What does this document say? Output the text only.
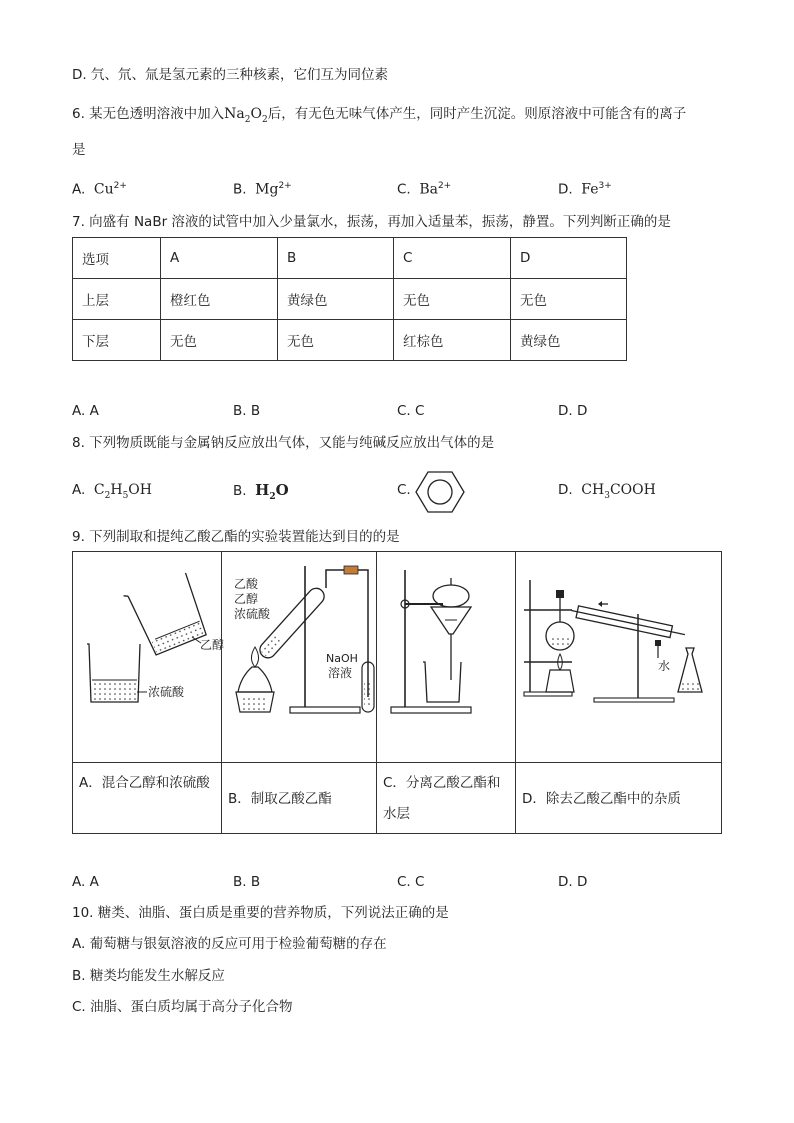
D. 氕、氘、氚是氢元素的三种核素，它们互为同位素
6. 某无色透明溶液中加入$Na_2O_2$后，有无色无味气体产生，同时产生沉淀。则原溶液中可能含有的离子
是
A. $Cu^{2+}$	B. $Mg^{2+}$	C. $Ba^{2+}$	D. $Fe^{3+}$
7. 向盛有 NaBr 溶液的试管中加入少量氯水，振荡，再加入适量苯，振荡，静置。下列判断正确的是
选项	A	B	C	D
上层	橙红色	黄绿色	无色	无色
下层	无色	无色	红棕色	黄绿色
A. A	B. B	C. C	D. D
8. 下列物质既能与金属钠反应放出气体，又能与纯碱反应放出气体的是
A. $C_2H_5OH$	B. $H_2O$	C.	D. $CH_3COOH$
9. 下列制取和提纯乙酸乙酯的实验装置能达到目的的是
乙醇
浓硫酸
乙酸
乙醇
浓硫酸
NaOH
溶液	水
A．混合乙醇和浓硫酸
B．制取乙酸乙酯
C．分离乙酸乙酯和水层
D．除去乙酸乙酯中的杂质
A. A	B. B	C. C	D. D
10. 糖类、油脂、蛋白质是重要的营养物质，下列说法正确的是
A. 葡萄糖与银氨溶液的反应可用于检验葡萄糖的存在
B. 糖类均能发生水解反应
C. 油脂、蛋白质均属于高分子化合物
